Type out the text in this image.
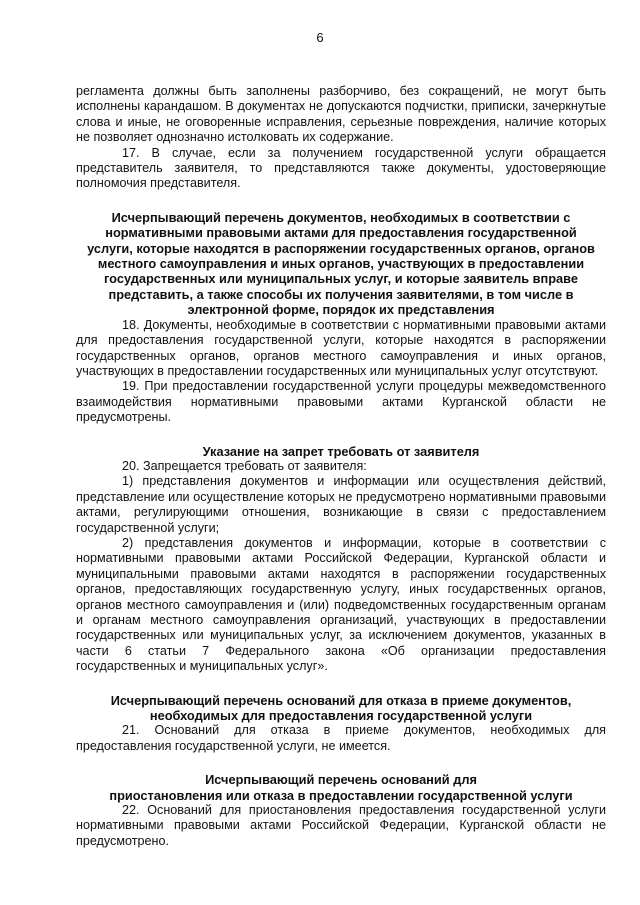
6

регламента должны быть заполнены разборчиво, без сокращений, не могут быть исполнены карандашом. В документах не допускаются подчистки, приписки, зачеркнутые слова и иные, не оговоренные исправления, серьезные повреждения, наличие которых не позволяет однозначно истолковать их содержание.

17. В случае, если за получением государственной услуги обращается представитель заявителя, то представляются также документы, удостоверяющие полномочия представителя.

Исчерпывающий перечень документов, необходимых в соответствии с нормативными правовыми актами для предоставления государственной услуги, которые находятся в распоряжении государственных органов, органов местного самоуправления и иных органов, участвующих в предоставлении государственных или муниципальных услуг, и которые заявитель вправе представить, а также способы их получения заявителями, в том числе в электронной форме, порядок их представления

18. Документы, необходимые в соответствии с нормативными правовыми актами для предоставления государственной услуги, которые находятся в распоряжении государственных органов, органов местного самоуправления и иных органов, участвующих в предоставлении государственных или муниципальных услуг отсутствуют.

19. При предоставлении государственной услуги процедуры межведомственного взаимодействия нормативными правовыми актами Курганской области не предусмотрены.

Указание на запрет требовать от заявителя

20. Запрещается требовать от заявителя:

1) представления документов и информации или осуществления действий, представление или осуществление которых не предусмотрено нормативными правовыми актами, регулирующими отношения, возникающие в связи с предоставлением государственной услуги;

2) представления документов и информации, которые в соответствии с нормативными правовыми актами Российской Федерации, Курганской области и муниципальными правовыми актами находятся в распоряжении государственных органов, предоставляющих государственную услугу, иных государственных органов, органов местного самоуправления и (или) подведомственных государственным органам и органам местного самоуправления организаций, участвующих в предоставлении государственных или муниципальных услуг, за исключением документов, указанных в части 6 статьи 7 Федерального закона «Об организации предоставления государственных и муниципальных услуг».

Исчерпывающий перечень оснований для отказа в приеме документов,
необходимых для предоставления государственной услуги

21. Оснований для отказа в приеме документов, необходимых для предоставления государственной услуги, не имеется.

Исчерпывающий перечень оснований для
приостановления или отказа в предоставлении государственной услуги

22. Оснований для приостановления предоставления государственной услуги нормативными правовыми актами Российской Федерации, Курганской области не предусмотрено.
